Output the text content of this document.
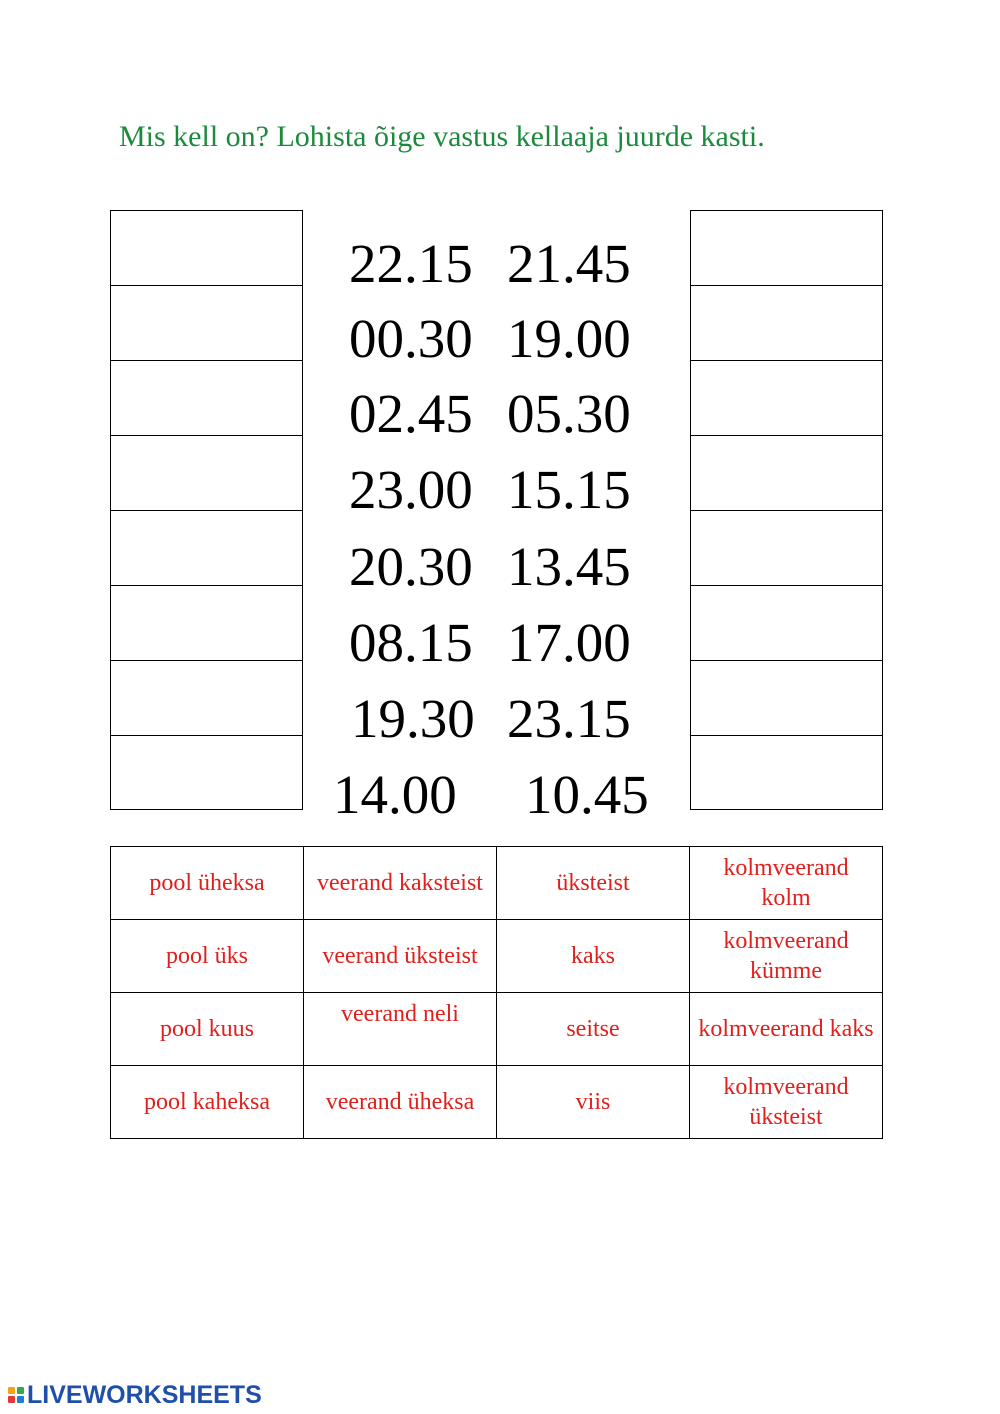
Mis kell on? Lohista õige vastus kellaaja juurde kasti.
22.15 21.45
00.30 19.00
02.45 05.30
23.00 15.15
20.30 13.45
08.15 17.00
19.30 23.15
14.00 10.45
pool üheksa	veerand kaksteist	üksteist	kolmveerand kolm
pool üks	veerand üksteist	kaks	kolmveerand kümme
pool kuus	veerand neli	seitse	kolmveerand kaks
pool kaheksa	veerand üheksa	viis	kolmveerand üksteist
LIVEWORKSHEETS
